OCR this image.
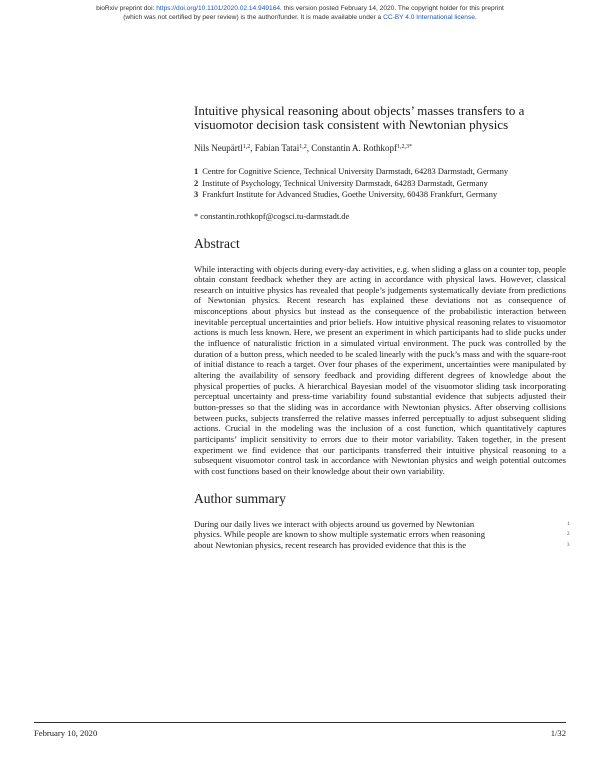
bioRxiv preprint doi: https://doi.org/10.1101/2020.02.14.949164. this version posted February 14, 2020. The copyright holder for this preprint
(which was not certified by peer review) is the author/funder. It is made available under a CC-BY 4.0 International license.
Intuitive physical reasoning about objects’ masses transfers to a visuomotor decision task consistent with Newtonian physics
Nils Neupärtl$^{1,2}$, Fabian Tatai$^{1,2}$, Constantin A. Rothkopf$^{1,2,3*}$
1 Centre for Cognitive Science, Technical University Darmstadt, 64283 Darmstadt, Germany
2 Institute of Psychology, Technical University Darmstadt, 64283 Darmstadt, Germany
3 Frankfurt Institute for Advanced Studies, Goethe University, 60438 Frankfurt, Germany
* constantin.rothkopf@cogsci.tu-darmstadt.de
Abstract

While interacting with objects during every-day activities, e.g. when sliding a glass on a counter top, people obtain constant feedback whether they are acting in accordance with physical laws. However, classical research on intuitive physics has revealed that people’s judgements systematically deviate from predictions of Newtonian physics. Recent research has explained these deviations not as consequence of misconceptions about physics but instead as the consequence of the probabilistic interaction between inevitable perceptual uncertainties and prior beliefs. How intuitive physical reasoning relates to visuomotor actions is much less known. Here, we present an experiment in which participants had to slide pucks under the influence of naturalistic friction in a simulated virtual environment. The puck was controlled by the duration of a button press, which needed to be scaled linearly with the puck’s mass and with the square-root of initial distance to reach a target. Over four phases of the experiment, uncertainties were manipulated by altering the availability of sensory feedback and providing different degrees of knowledge about the physical properties of pucks. A hierarchical Bayesian model of the visuomotor sliding task incorporating perceptual uncertainty and press-time variability found substantial evidence that subjects adjusted their button-presses so that the sliding was in accordance with Newtonian physics. After observing collisions between pucks, subjects transferred the relative masses inferred perceptually to adjust subsequent sliding actions. Crucial in the modeling was the inclusion of a cost function, which quantitatively captures participants’ implicit sensitivity to errors due to their motor variability. Taken together, in the present experiment we find evidence that our participants transferred their intuitive physical reasoning to a subsequent visuomotor control task in accordance with Newtonian physics and weigh potential outcomes with cost functions based on their knowledge about their own variability.

Author summary
During our daily lives we interact with objects around us governed by Newtonian	1
physics. While people are known to show multiple systematic errors when reasoning	2
about Newtonian physics, recent research has provided evidence that this is the	3
February 10, 2020	1/32
